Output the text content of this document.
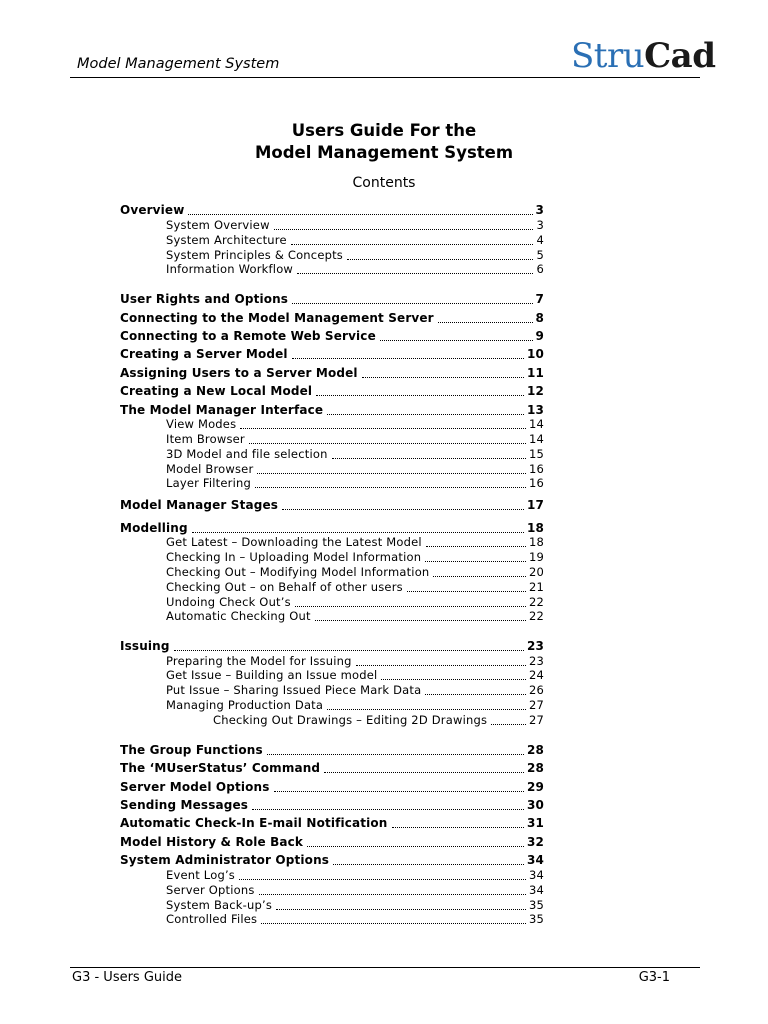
Model Management System	StruCad
Users Guide For the
Model Management System
Contents
Overview	3
System Overview	3
System Architecture	4
System Principles & Concepts	5
Information Workflow	6
User Rights and Options	7
Connecting to the Model Management Server	8
Connecting to a Remote Web Service	9
Creating a Server Model	10
Assigning Users to a Server Model	11
Creating a New Local Model	12
The Model Manager Interface	13
View Modes	14
Item Browser	14
3D Model and file selection	15
Model Browser	16
Layer Filtering	16
Model Manager Stages	17
Modelling	18
Get Latest – Downloading the Latest Model	18
Checking In – Uploading Model Information	19
Checking Out – Modifying Model Information	20
Checking Out – on Behalf of other users	21
Undoing Check Out’s	22
Automatic Checking Out	22
Issuing	23
Preparing the Model for Issuing	23
Get Issue – Building an Issue model	24
Put Issue – Sharing Issued Piece Mark Data	26
Managing Production Data	27
Checking Out Drawings – Editing 2D Drawings	27
The Group Functions	28
The ‘MUserStatus’ Command	28
Server Model Options	29
Sending Messages	30
Automatic Check-In E-mail Notification	31
Model History & Role Back	32
System Administrator Options	34
Event Log’s	34
Server Options	34
System Back-up’s	35
Controlled Files	35
G3 - Users Guide	G3-1
